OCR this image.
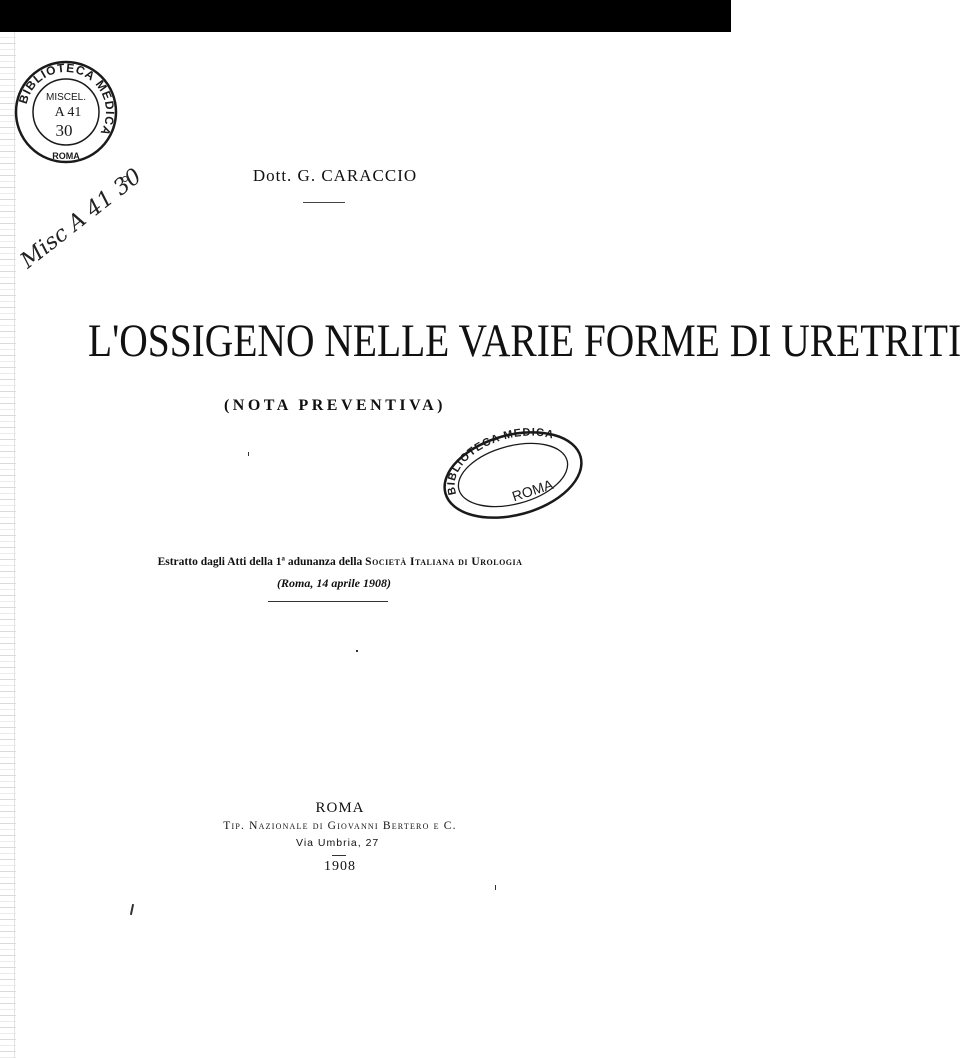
BIBLIOTECA MEDICA
ROMA
MISCEL.
A 41
30
Misc A 41 30	Dott. G. CARACCIO
L'OSSIGENO NELLE VARIE FORME DI URETRITI
(NOTA PREVENTIVA)
BIBLIOTECA MEDICA
ROMA
Estratto dagli Atti della 1ª adunanza della Società Italiana di Urologia
(Roma, 14 aprile 1908)
ROMA
Tip. Nazionale di Giovanni Bertero e C.
Via Umbria, 27
1908
